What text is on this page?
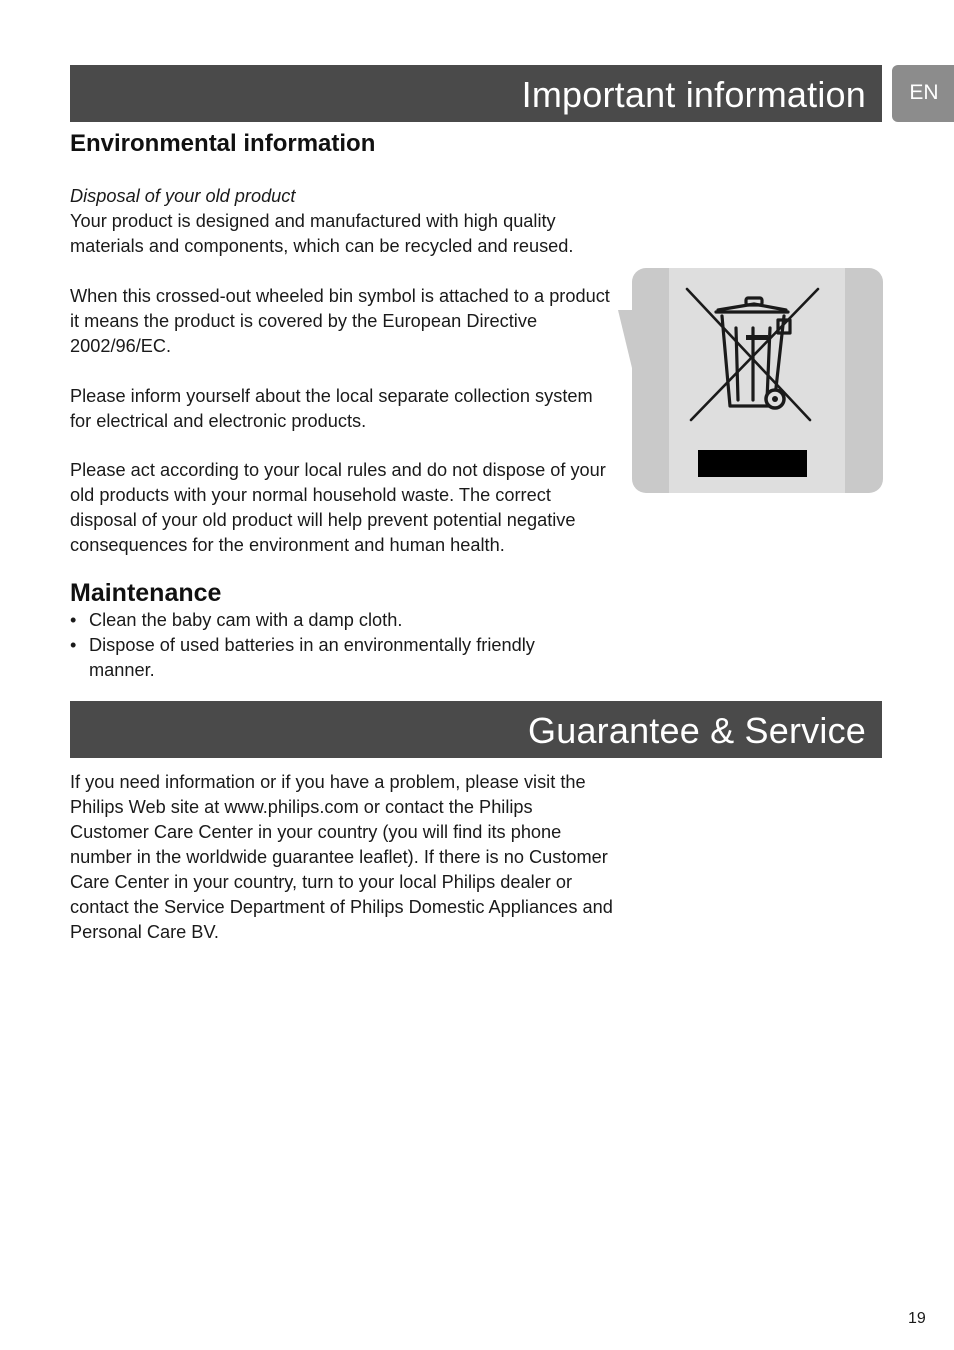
Important information	EN
Environmental information

Disposal of your old product

Your product is designed and manufactured with high quality materials and components, which can be recycled and reused.

When this crossed-out wheeled bin symbol is attached to a product it means the product is covered by the European Directive 2002/96/EC.

Please inform yourself about the local separate collection system for electrical and electronic products.

Please act according to your local rules and do not dispose of your old products with your normal household waste. The correct disposal of your old product will help prevent potential negative consequences for the environment and human health.

Maintenance
• Clean the baby cam with a damp cloth.
• Dispose of used batteries in an environmentally friendly manner.
Guarantee & Service

If you need information or if you have a problem, please visit the Philips Web site at www.philips.com or contact the Philips Customer Care Center in your country (you will find its phone number in the worldwide guarantee leaflet). If there is no Customer Care Center in your country, turn to your local Philips dealer or contact the Service Department of Philips Domestic Appliances and Personal Care BV.

19
